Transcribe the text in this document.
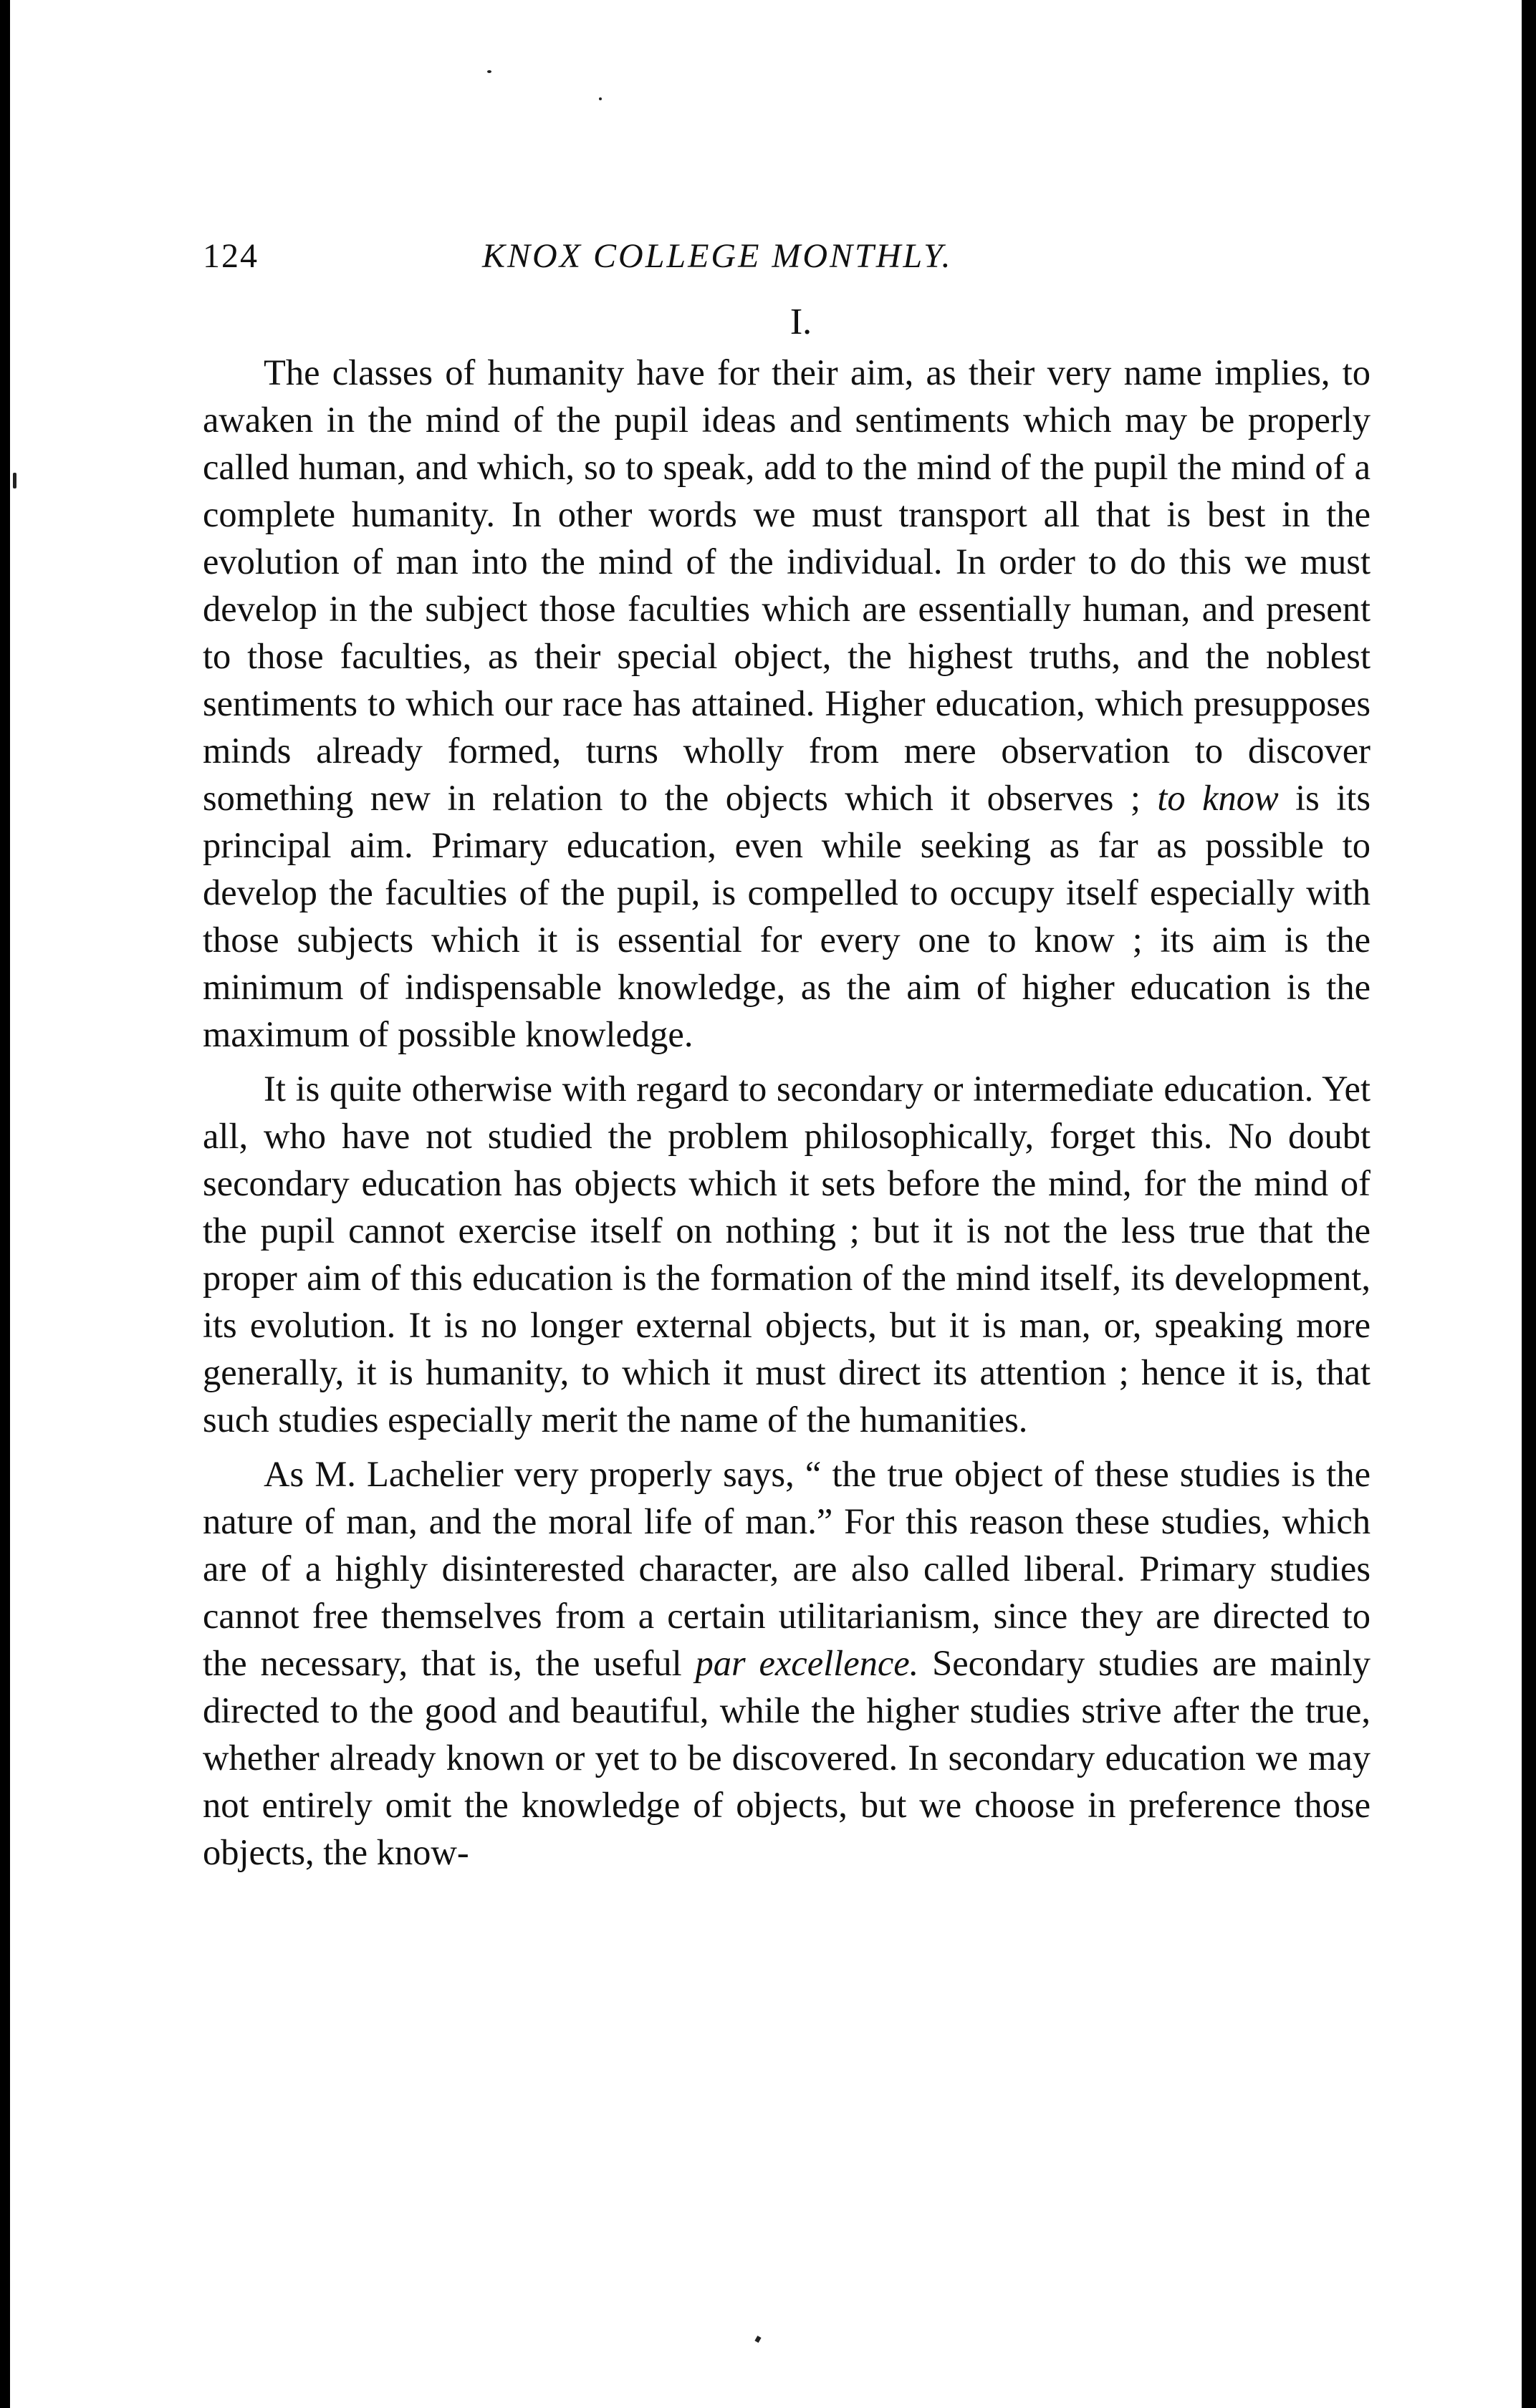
124	KNOX COLLEGE MONTHLY.
I.

The classes of humanity have for their aim, as their very name implies, to awaken in the mind of the pupil ideas and sentiments which may be properly called human, and which, so to speak, add to the mind of the pupil the mind of a complete humanity. In other words we must transport all that is best in the evolution of man into the mind of the individual. In order to do this we must develop in the subject those faculties which are essentially human, and present to those faculties, as their special object, the highest truths, and the noblest sentiments to which our race has attained. Higher education, which presupposes minds already formed, turns wholly from mere observation to discover something new in relation to the objects which it observes ; to know is its principal aim. Primary education, even while seeking as far as possible to develop the faculties of the pupil, is compelled to occupy itself especially with those subjects which it is essential for every one to know ; its aim is the minimum of indispensable knowledge, as the aim of higher education is the maximum of possible knowledge.

It is quite otherwise with regard to secondary or intermediate education. Yet all, who have not studied the problem philosophically, forget this. No doubt secondary education has objects which it sets before the mind, for the mind of the pupil cannot exercise itself on nothing ; but it is not the less true that the proper aim of this education is the formation of the mind itself, its development, its evolution. It is no longer external objects, but it is man, or, speaking more generally, it is humanity, to which it must direct its attention ; hence it is, that such studies especially merit the name of the humanities.

As M. Lachelier very properly says, “ the true object of these studies is the nature of man, and the moral life of man.” For this reason these studies, which are of a highly disinterested character, are also called liberal. Primary studies cannot free themselves from a certain utilitarianism, since they are directed to the necessary, that is, the useful par excellence. Secondary studies are mainly directed to the good and beautiful, while the higher studies strive after the true, whether already known or yet to be discovered. In secondary education we may not entirely omit the knowledge of objects, but we choose in preference those objects, the know-
